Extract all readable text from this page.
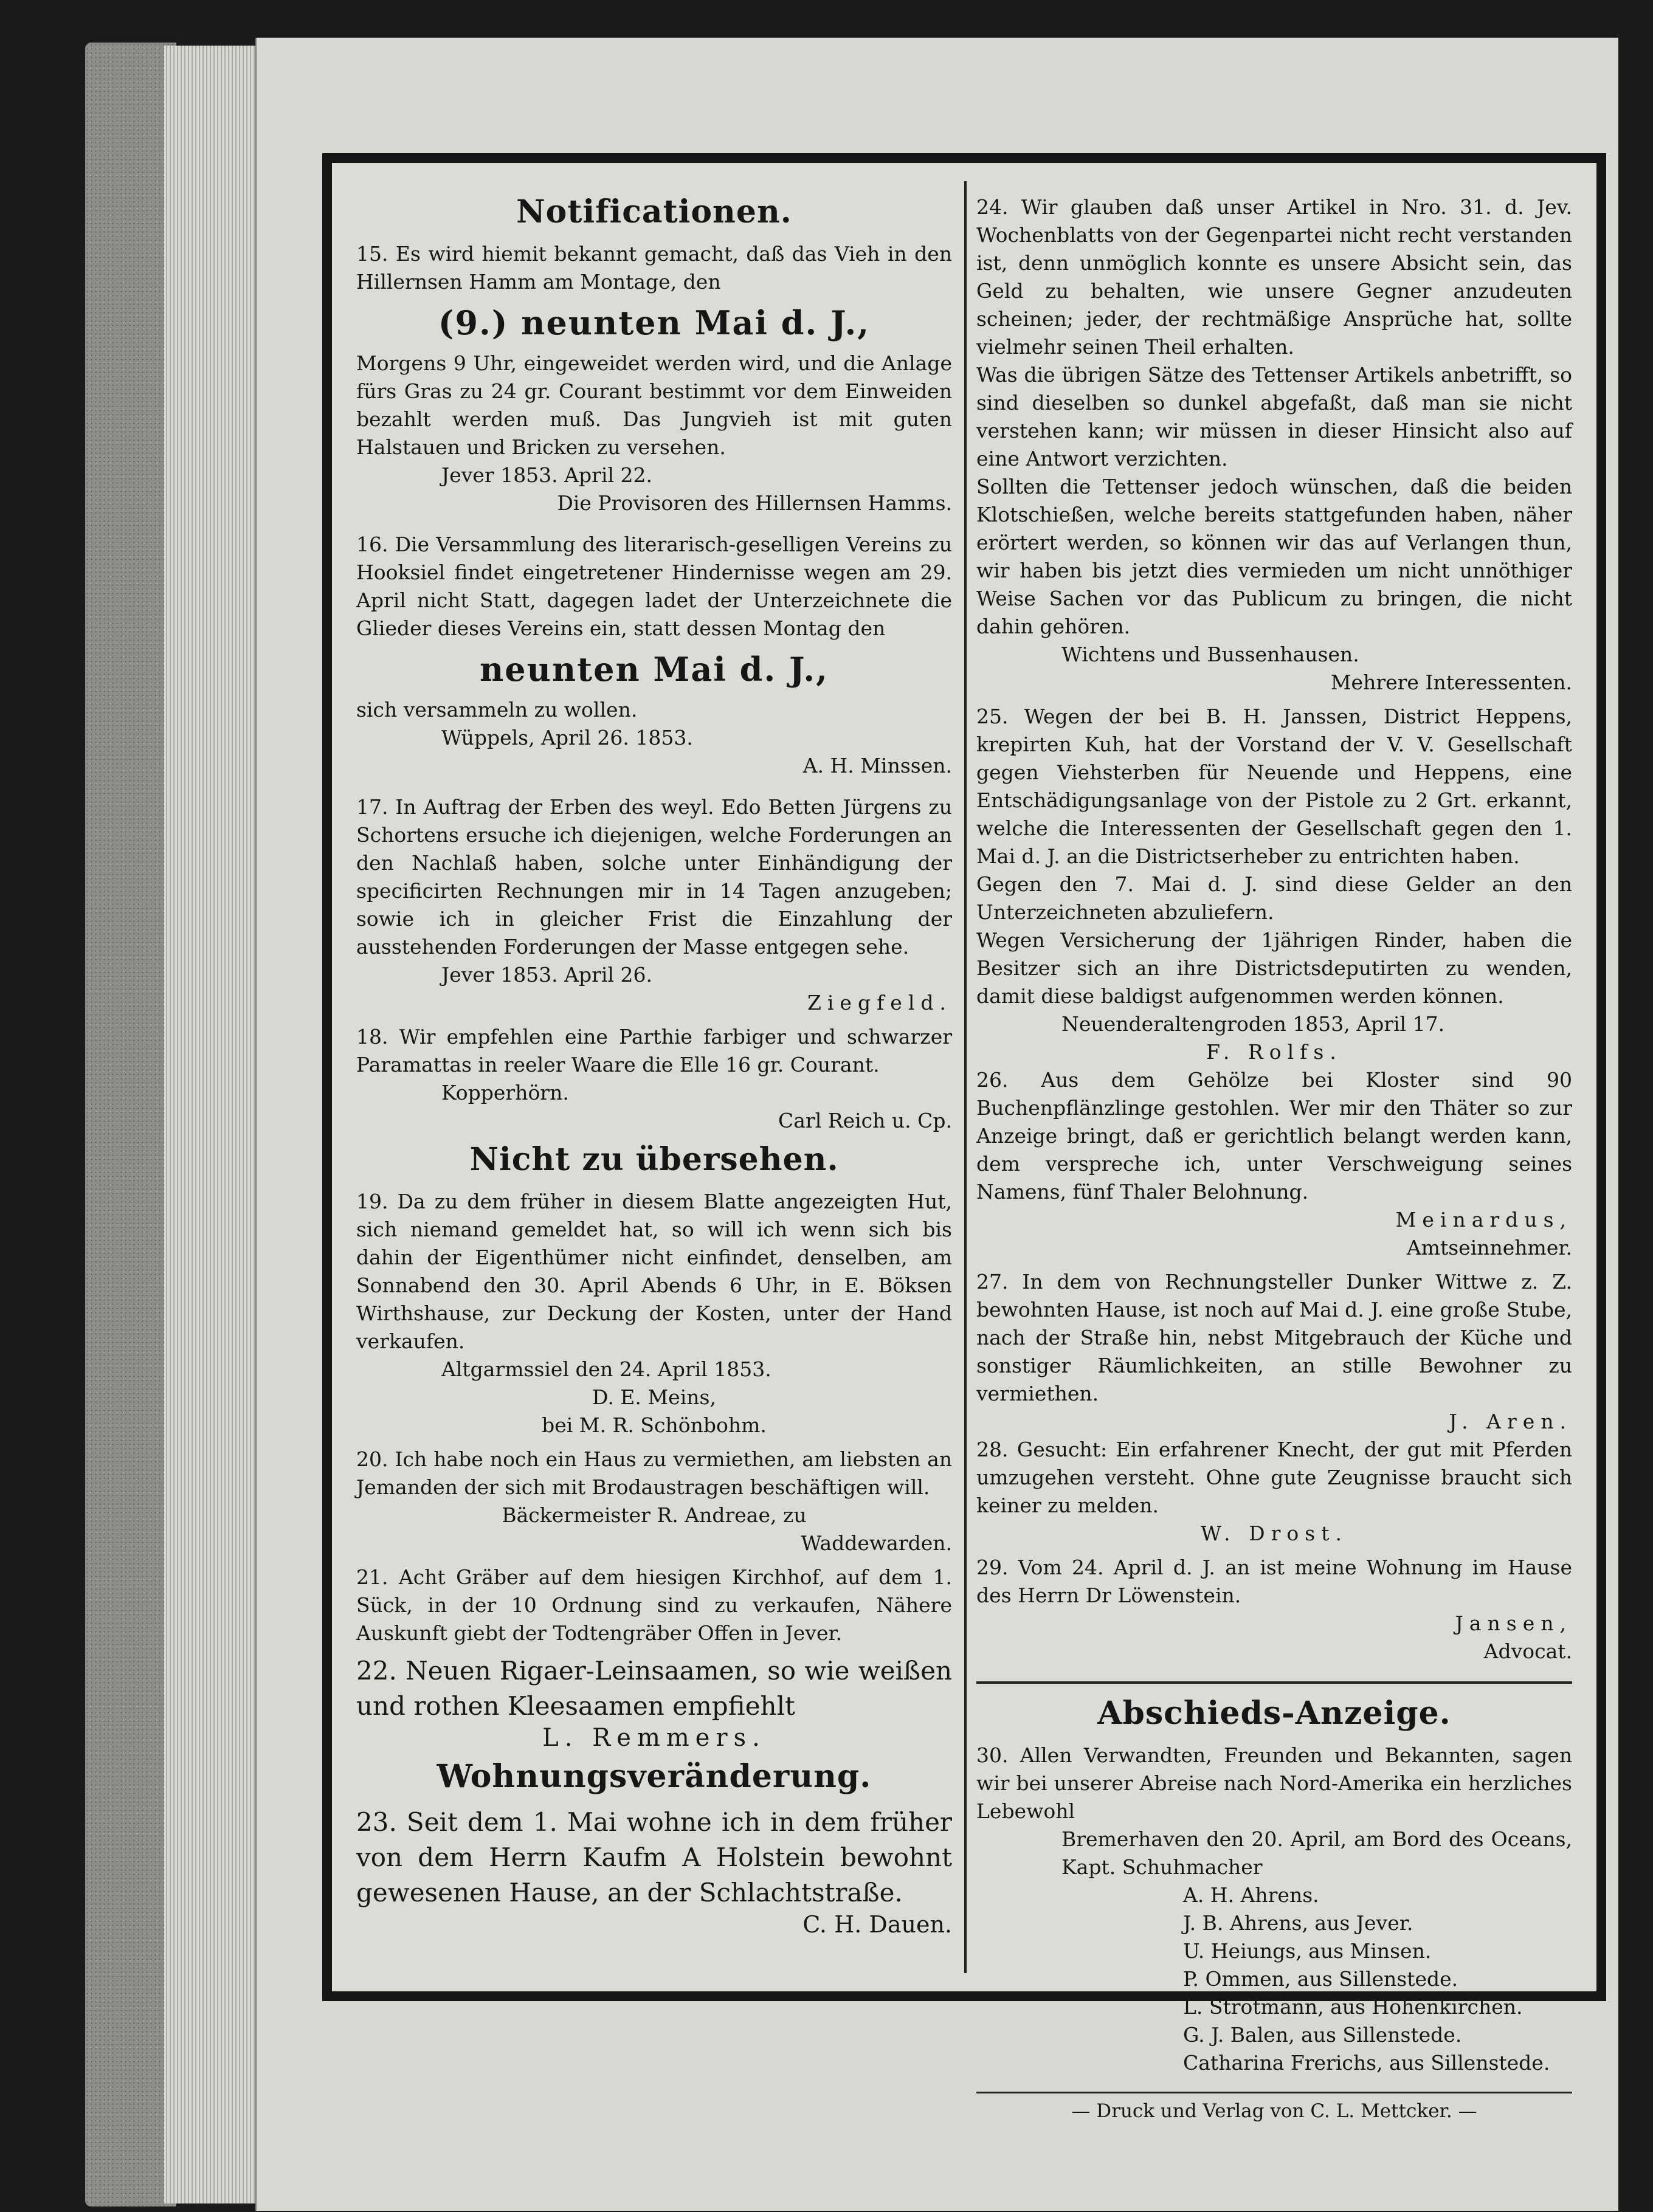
Notificationen.

15. Es wird hiemit bekannt gemacht, daß das Vieh in den Hillernsen Hamm am Montage, den

(9.) neunten Mai d. J.,

Morgens 9 Uhr, eingeweidet werden wird, und die Anlage fürs Gras zu 24 gr. Courant bestimmt vor dem Einweiden bezahlt werden muß. Das Jungvieh ist mit guten Halstauen und Bricken zu versehen.

Jever 1853. April 22.

Die Provisoren des Hillernsen Hamms.

16. Die Versammlung des literarisch-geselligen Vereins zu Hooksiel findet eingetretener Hindernisse wegen am 29. April nicht Statt, dagegen ladet der Unterzeichnete die Glieder dieses Vereins ein, statt dessen Montag den

neunten Mai d. J.,

sich versammeln zu wollen.

Wüppels, April 26. 1853.

A. H. Minssen.

17. In Auftrag der Erben des weyl. Edo Betten Jürgens zu Schortens ersuche ich diejenigen, welche Forderungen an den Nachlaß haben, solche unter Einhändigung der specificirten Rechnungen mir in 14 Tagen anzugeben; sowie ich in gleicher Frist die Einzahlung der ausstehenden Forderungen der Masse entgegen sehe.

Jever 1853. April 26.

Ziegfeld.

18. Wir empfehlen eine Parthie farbiger und schwarzer Paramattas in reeler Waare die Elle 16 gr. Courant.

Kopperhörn.

Carl Reich u. Cp.

Nicht zu übersehen.

19. Da zu dem früher in diesem Blatte angezeigten Hut, sich niemand gemeldet hat, so will ich wenn sich bis dahin der Eigenthümer nicht einfindet, denselben, am Sonnabend den 30. April Abends 6 Uhr, in E. Böksen Wirthshause, zur Deckung der Kosten, unter der Hand verkaufen.

Altgarmssiel den 24. April 1853.

D. E. Meins,

bei M. R. Schönbohm.

20. Ich habe noch ein Haus zu vermiethen, am liebsten an Jemanden der sich mit Brodaustragen beschäftigen will.

Bäckermeister R. Andreae, zu

Waddewarden.

21. Acht Gräber auf dem hiesigen Kirchhof, auf dem 1. Sück, in der 10 Ordnung sind zu verkaufen, Nähere Auskunft giebt der Todtengräber Offen in Jever.

22. Neuen Rigaer-Leinsaamen, so wie weißen und rothen Kleesaamen empfiehlt

L. Remmers.

Wohnungsveränderung.

23. Seit dem 1. Mai wohne ich in dem früher von dem Herrn Kaufm A Holstein bewohnt gewesenen Hause, an der Schlachtstraße.

C. H. Dauen.

24. Wir glauben daß unser Artikel in Nro. 31. d. Jev. Wochenblatts von der Gegenpartei nicht recht verstanden ist, denn unmöglich konnte es unsere Absicht sein, das Geld zu behalten, wie unsere Gegner anzudeuten scheinen; jeder, der rechtmäßige Ansprüche hat, sollte vielmehr seinen Theil erhalten.

Was die übrigen Sätze des Tettenser Artikels anbetrifft, so sind dieselben so dunkel abgefaßt, daß man sie nicht verstehen kann; wir müssen in dieser Hinsicht also auf eine Antwort verzichten.

Sollten die Tettenser jedoch wünschen, daß die beiden Klotschießen, welche bereits stattgefunden haben, näher erörtert werden, so können wir das auf Verlangen thun, wir haben bis jetzt dies vermieden um nicht unnöthiger Weise Sachen vor das Publicum zu bringen, die nicht dahin gehören.

Wichtens und Bussenhausen.

Mehrere Interessenten.

25. Wegen der bei B. H. Janssen, District Heppens, krepirten Kuh, hat der Vorstand der V. V. Gesellschaft gegen Viehsterben für Neuende und Heppens, eine Entschädigungsanlage von der Pistole zu 2 Grt. erkannt, welche die Interessenten der Gesellschaft gegen den 1. Mai d. J. an die Districtserheber zu entrichten haben.

Gegen den 7. Mai d. J. sind diese Gelder an den Unterzeichneten abzuliefern.

Wegen Versicherung der 1jährigen Rinder, haben die Besitzer sich an ihre Districtsdeputirten zu wenden, damit diese baldigst aufgenommen werden können.

Neuenderaltengroden 1853, April 17.

F. Rolfs.

26. Aus dem Gehölze bei Kloster sind 90 Buchenpflänzlinge gestohlen. Wer mir den Thäter so zur Anzeige bringt, daß er gerichtlich belangt werden kann, dem verspreche ich, unter Verschweigung seines Namens, fünf Thaler Belohnung.

Meinardus,

Amtseinnehmer.

27. In dem von Rechnungsteller Dunker Wittwe z. Z. bewohnten Hause, ist noch auf Mai d. J. eine große Stube, nach der Straße hin, nebst Mitgebrauch der Küche und sonstiger Räumlichkeiten, an stille Bewohner zu vermiethen.

J. Aren.

28. Gesucht: Ein erfahrener Knecht, der gut mit Pferden umzugehen versteht. Ohne gute Zeugnisse braucht sich keiner zu melden.

W. Drost.

29. Vom 24. April d. J. an ist meine Wohnung im Hause des Herrn Dr Löwenstein.

Jansen,

Advocat.

Abschieds-Anzeige.

30. Allen Verwandten, Freunden und Bekannten, sagen wir bei unserer Abreise nach Nord-Amerika ein herzliches Lebewohl

Bremerhaven den 20. April, am Bord des Oceans, Kapt. Schuhmacher

A. H. Ahrens.
J. B. Ahrens, aus Jever.
U. Heiungs, aus Minsen.
P. Ommen, aus Sillenstede.
L. Strotmann, aus Hohenkirchen.
G. J. Balen, aus Sillenstede.
Catharina Frerichs, aus Sillenstede.
— Druck und Verlag von C. L. Mettcker. —
